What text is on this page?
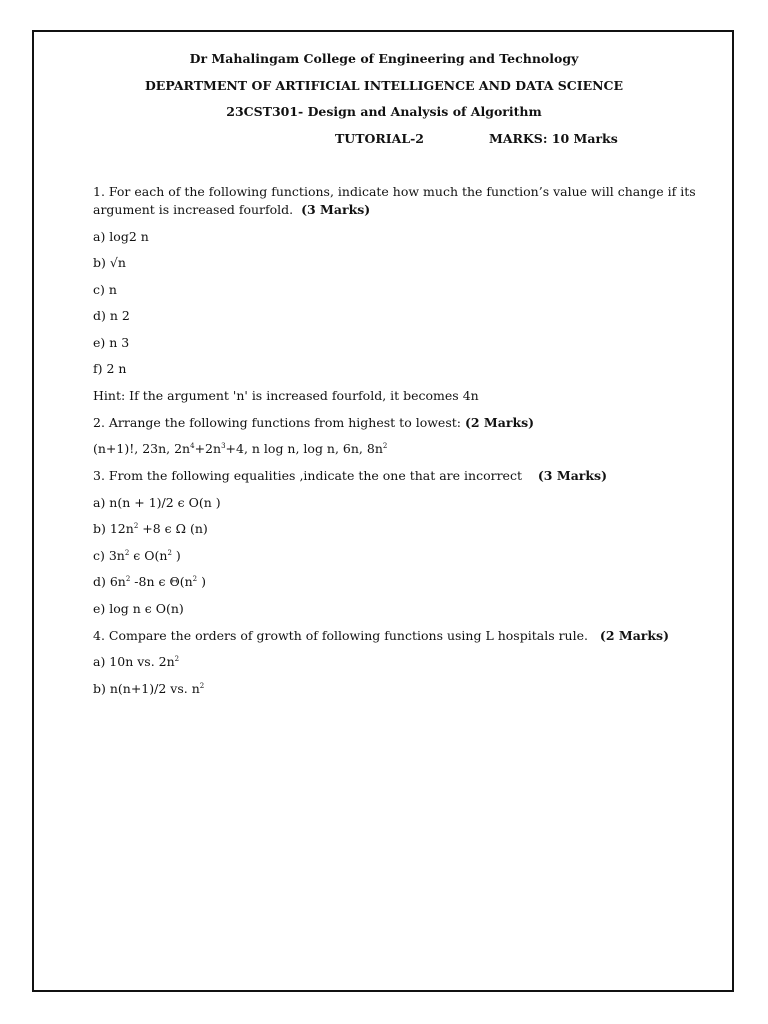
Dr Mahalingam College of Engineering and Technology
DEPARTMENT OF ARTIFICIAL INTELLIGENCE AND DATA SCIENCE
23CST301- Design and Analysis of Algorithm
TUTORIAL-2	MARKS: 10 Marks
1. For each of the following functions, indicate how much the function’s value will change if its
argument is increased fourfold. (3 Marks)
a) log2 n
b) √n
c) n
d) n 2
e) n 3
f) 2 n
Hint: If the argument 'n' is increased fourfold, it becomes 4n
2. Arrange the following functions from highest to lowest: (2 Marks)
(n+1)!, 23n, $2n^4+2n^3+4$, n log n, log n, 6n, $8n^2$
3. From the following equalities ,indicate the one that are incorrect (3 Marks)
a) n(n + 1)/2 ϵ O(n )
b) $12n^2 +8$ ϵ Ω (n)
c) $3n^2$ ϵ $O(n^2$ )
d) $6n^2$ -8n ϵ $\Theta(n^2$ )
e) log n ϵ O(n)
4. Compare the orders of growth of following functions using L hospitals rule. (2 Marks)
a) 10n vs. $2n^2$
b) n(n+1)/2 vs. $n^2$
